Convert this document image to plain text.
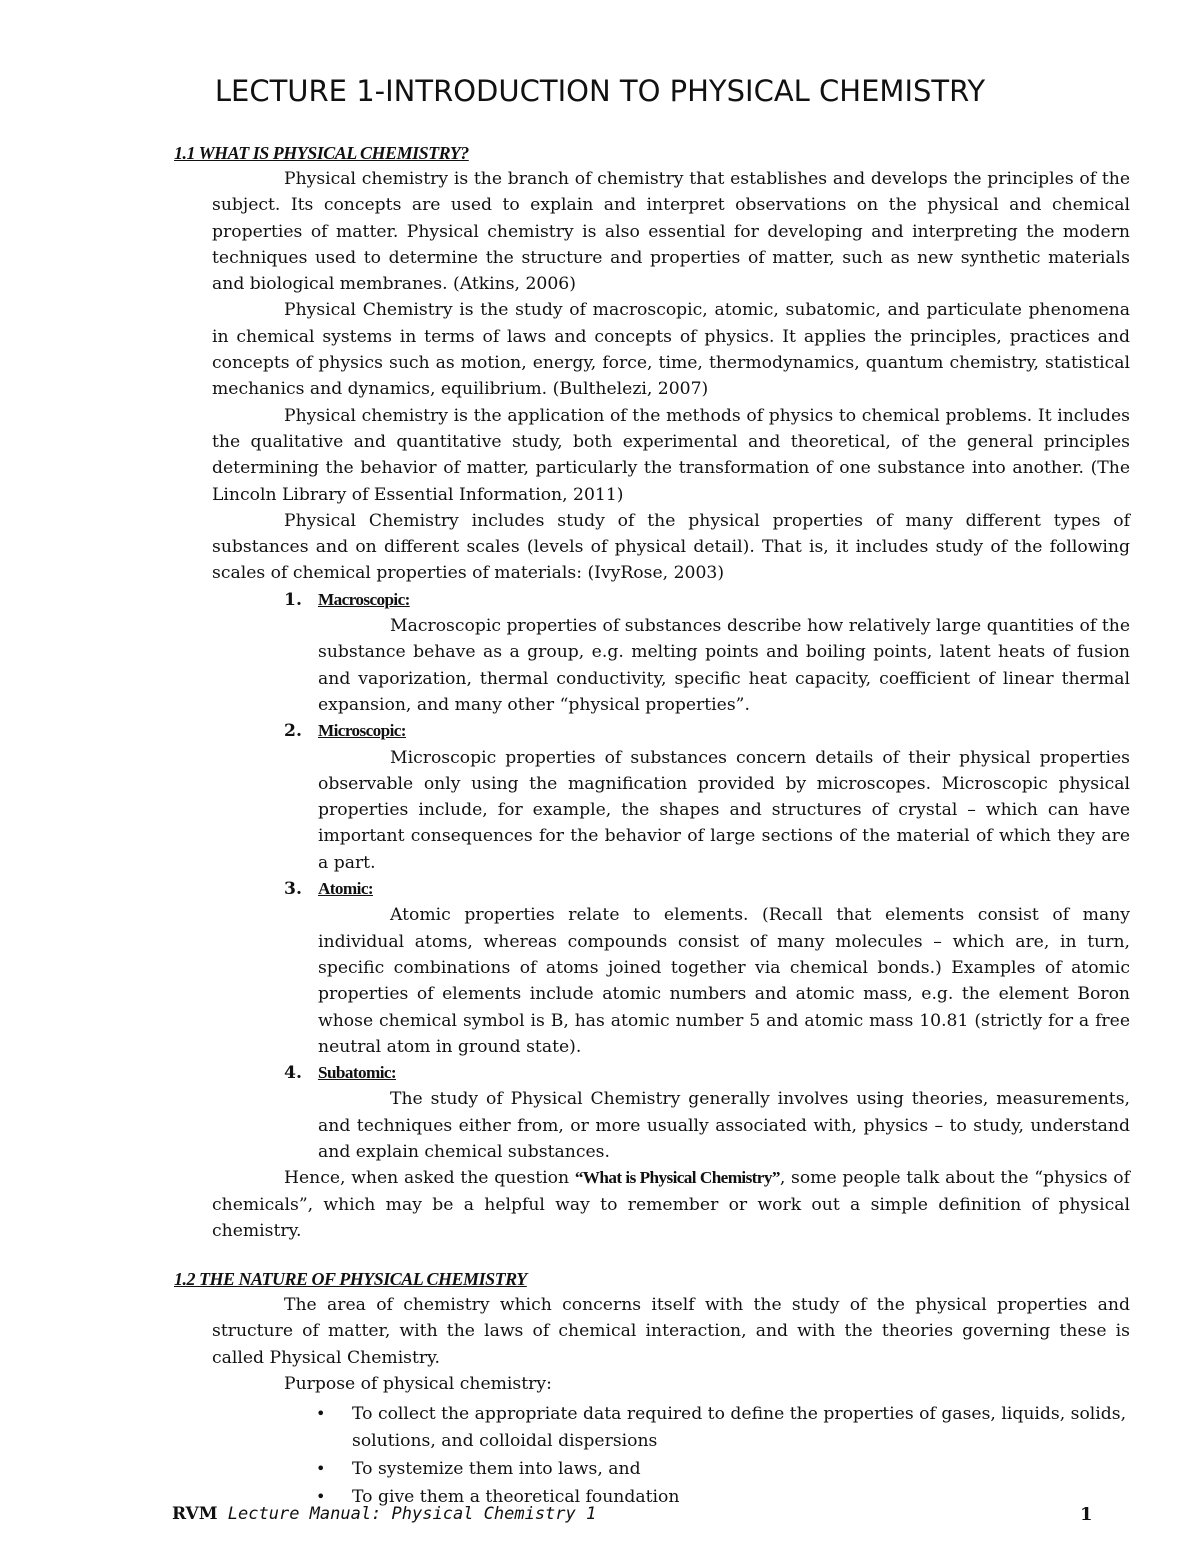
LECTURE 1-INTRODUCTION TO PHYSICAL CHEMISTRY
1.1 WHAT IS PHYSICAL CHEMISTRY?

Physical chemistry is the branch of chemistry that establishes and develops the principles of the subject. Its concepts are used to explain and interpret observations on the physical and chemical properties of matter. Physical chemistry is also essential for developing and interpreting the modern techniques used to determine the structure and properties of matter, such as new synthetic materials and biological membranes. (Atkins, 2006)

Physical Chemistry is the study of macroscopic, atomic, subatomic, and particulate phenomena in chemical systems in terms of laws and concepts of physics. It applies the principles, practices and concepts of physics such as motion, energy, force, time, thermodynamics, quantum chemistry, statistical mechanics and dynamics, equilibrium. (Bulthelezi, 2007)

Physical chemistry is the application of the methods of physics to chemical problems. It includes the qualitative and quantitative study, both experimental and theoretical, of the general principles determining the behavior of matter, particularly the transformation of one substance into another. (The Lincoln Library of Essential Information, 2011)

Physical Chemistry includes study of the physical properties of many different types of substances and on different scales (levels of physical detail). That is, it includes study of the following scales of chemical properties of materials: (IvyRose, 2003)

1. Macroscopic:

Macroscopic properties of substances describe how relatively large quantities of the substance behave as a group, e.g. melting points and boiling points, latent heats of fusion and vaporization, thermal conductivity, specific heat capacity, coefficient of linear thermal expansion, and many other “physical properties”.

2. Microscopic:

Microscopic properties of substances concern details of their physical properties observable only using the magnification provided by microscopes. Microscopic physical properties include, for example, the shapes and structures of crystal – which can have important consequences for the behavior of large sections of the material of which they are a part.

3. Atomic:

Atomic properties relate to elements. (Recall that elements consist of many individual atoms, whereas compounds consist of many molecules – which are, in turn, specific combinations of atoms joined together via chemical bonds.) Examples of atomic properties of elements include atomic numbers and atomic mass, e.g. the element Boron whose chemical symbol is B, has atomic number 5 and atomic mass 10.81 (strictly for a free neutral atom in ground state).

4. Subatomic:

The study of Physical Chemistry generally involves using theories, measurements, and techniques either from, or more usually associated with, physics – to study, understand and explain chemical substances.

Hence, when asked the question “What is Physical Chemistry”, some people talk about the “physics of chemicals”, which may be a helpful way to remember or work out a simple definition of physical chemistry.

1.2 THE NATURE OF PHYSICAL CHEMISTRY

The area of chemistry which concerns itself with the study of the physical properties and structure of matter, with the laws of chemical interaction, and with the theories governing these is called Physical Chemistry.

Purpose of physical chemistry:

• To collect the appropriate data required to define the properties of gases, liquids, solids, solutions, and colloidal dispersions
• To systemize them into laws, and
• To give them a theoretical foundation
RVM Lecture Manual: Physical Chemistry 1	1
